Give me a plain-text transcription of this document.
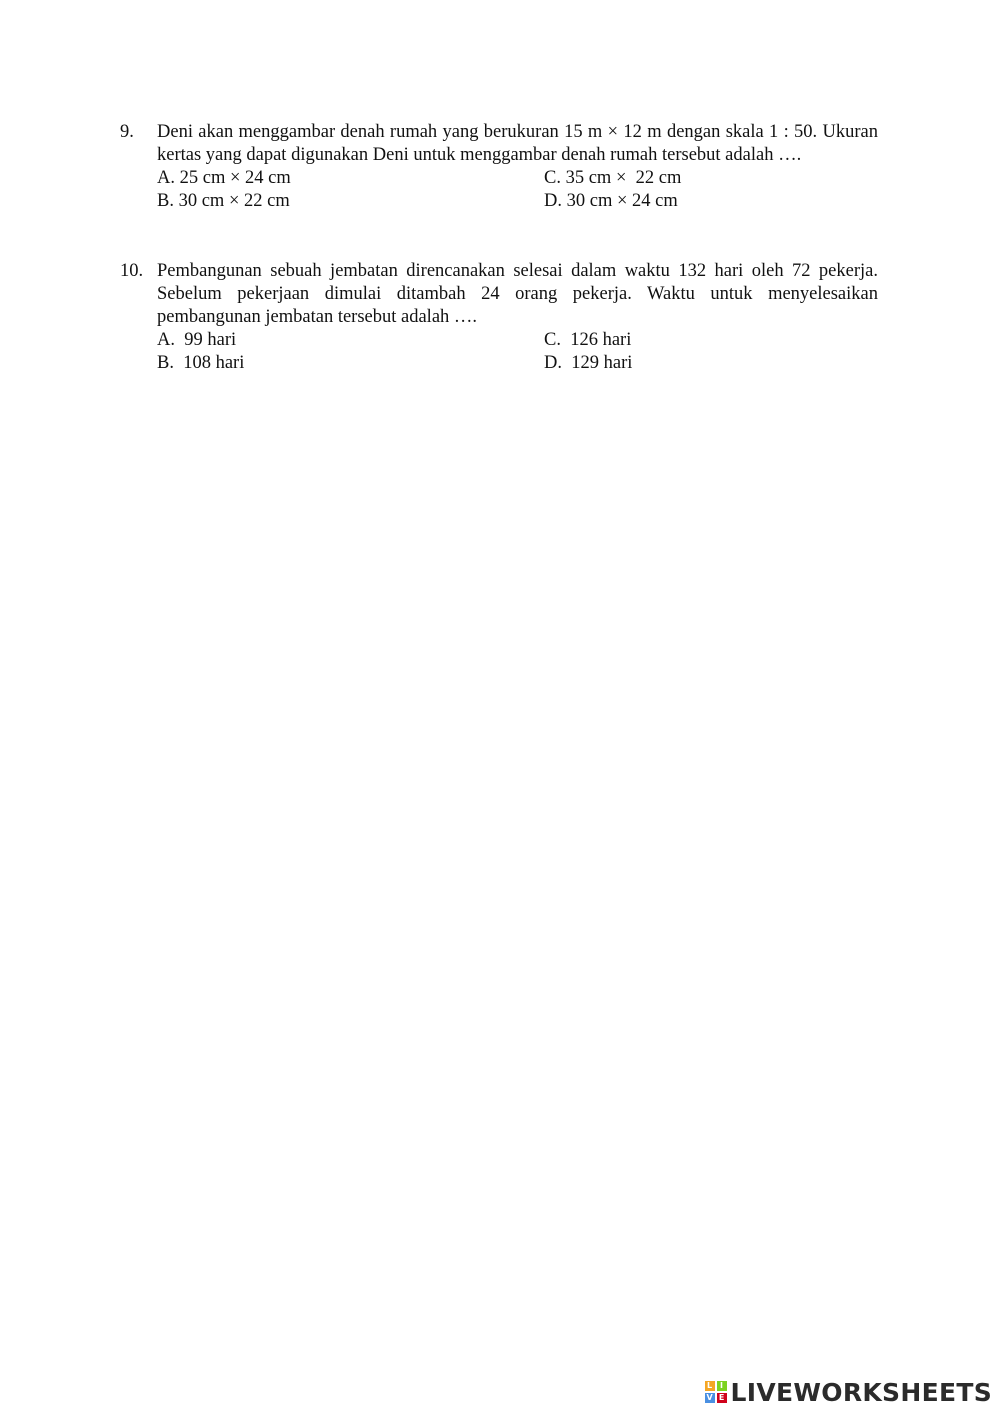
9. Deni akan menggambar denah rumah yang berukuran 15 m × 12 m dengan skala 1 : 50. Ukuran kertas yang dapat digunakan Deni untuk menggambar denah rumah tersebut adalah ….
A. 25 cm × 24 cm	C. 35 cm ×  22 cm
B. 30 cm × 22 cm	D. 30 cm × 24 cm
10. Pembangunan sebuah jembatan direncanakan selesai dalam waktu 132 hari oleh 72 pekerja. Sebelum pekerjaan dimulai ditambah 24 orang pekerja. Waktu untuk menyelesaikan pembangunan jembatan tersebut adalah ….
A.  99 hari	C.  126 hari
B.  108 hari	D.  129 hari
L I
V E LIVEWORKSHEETS
